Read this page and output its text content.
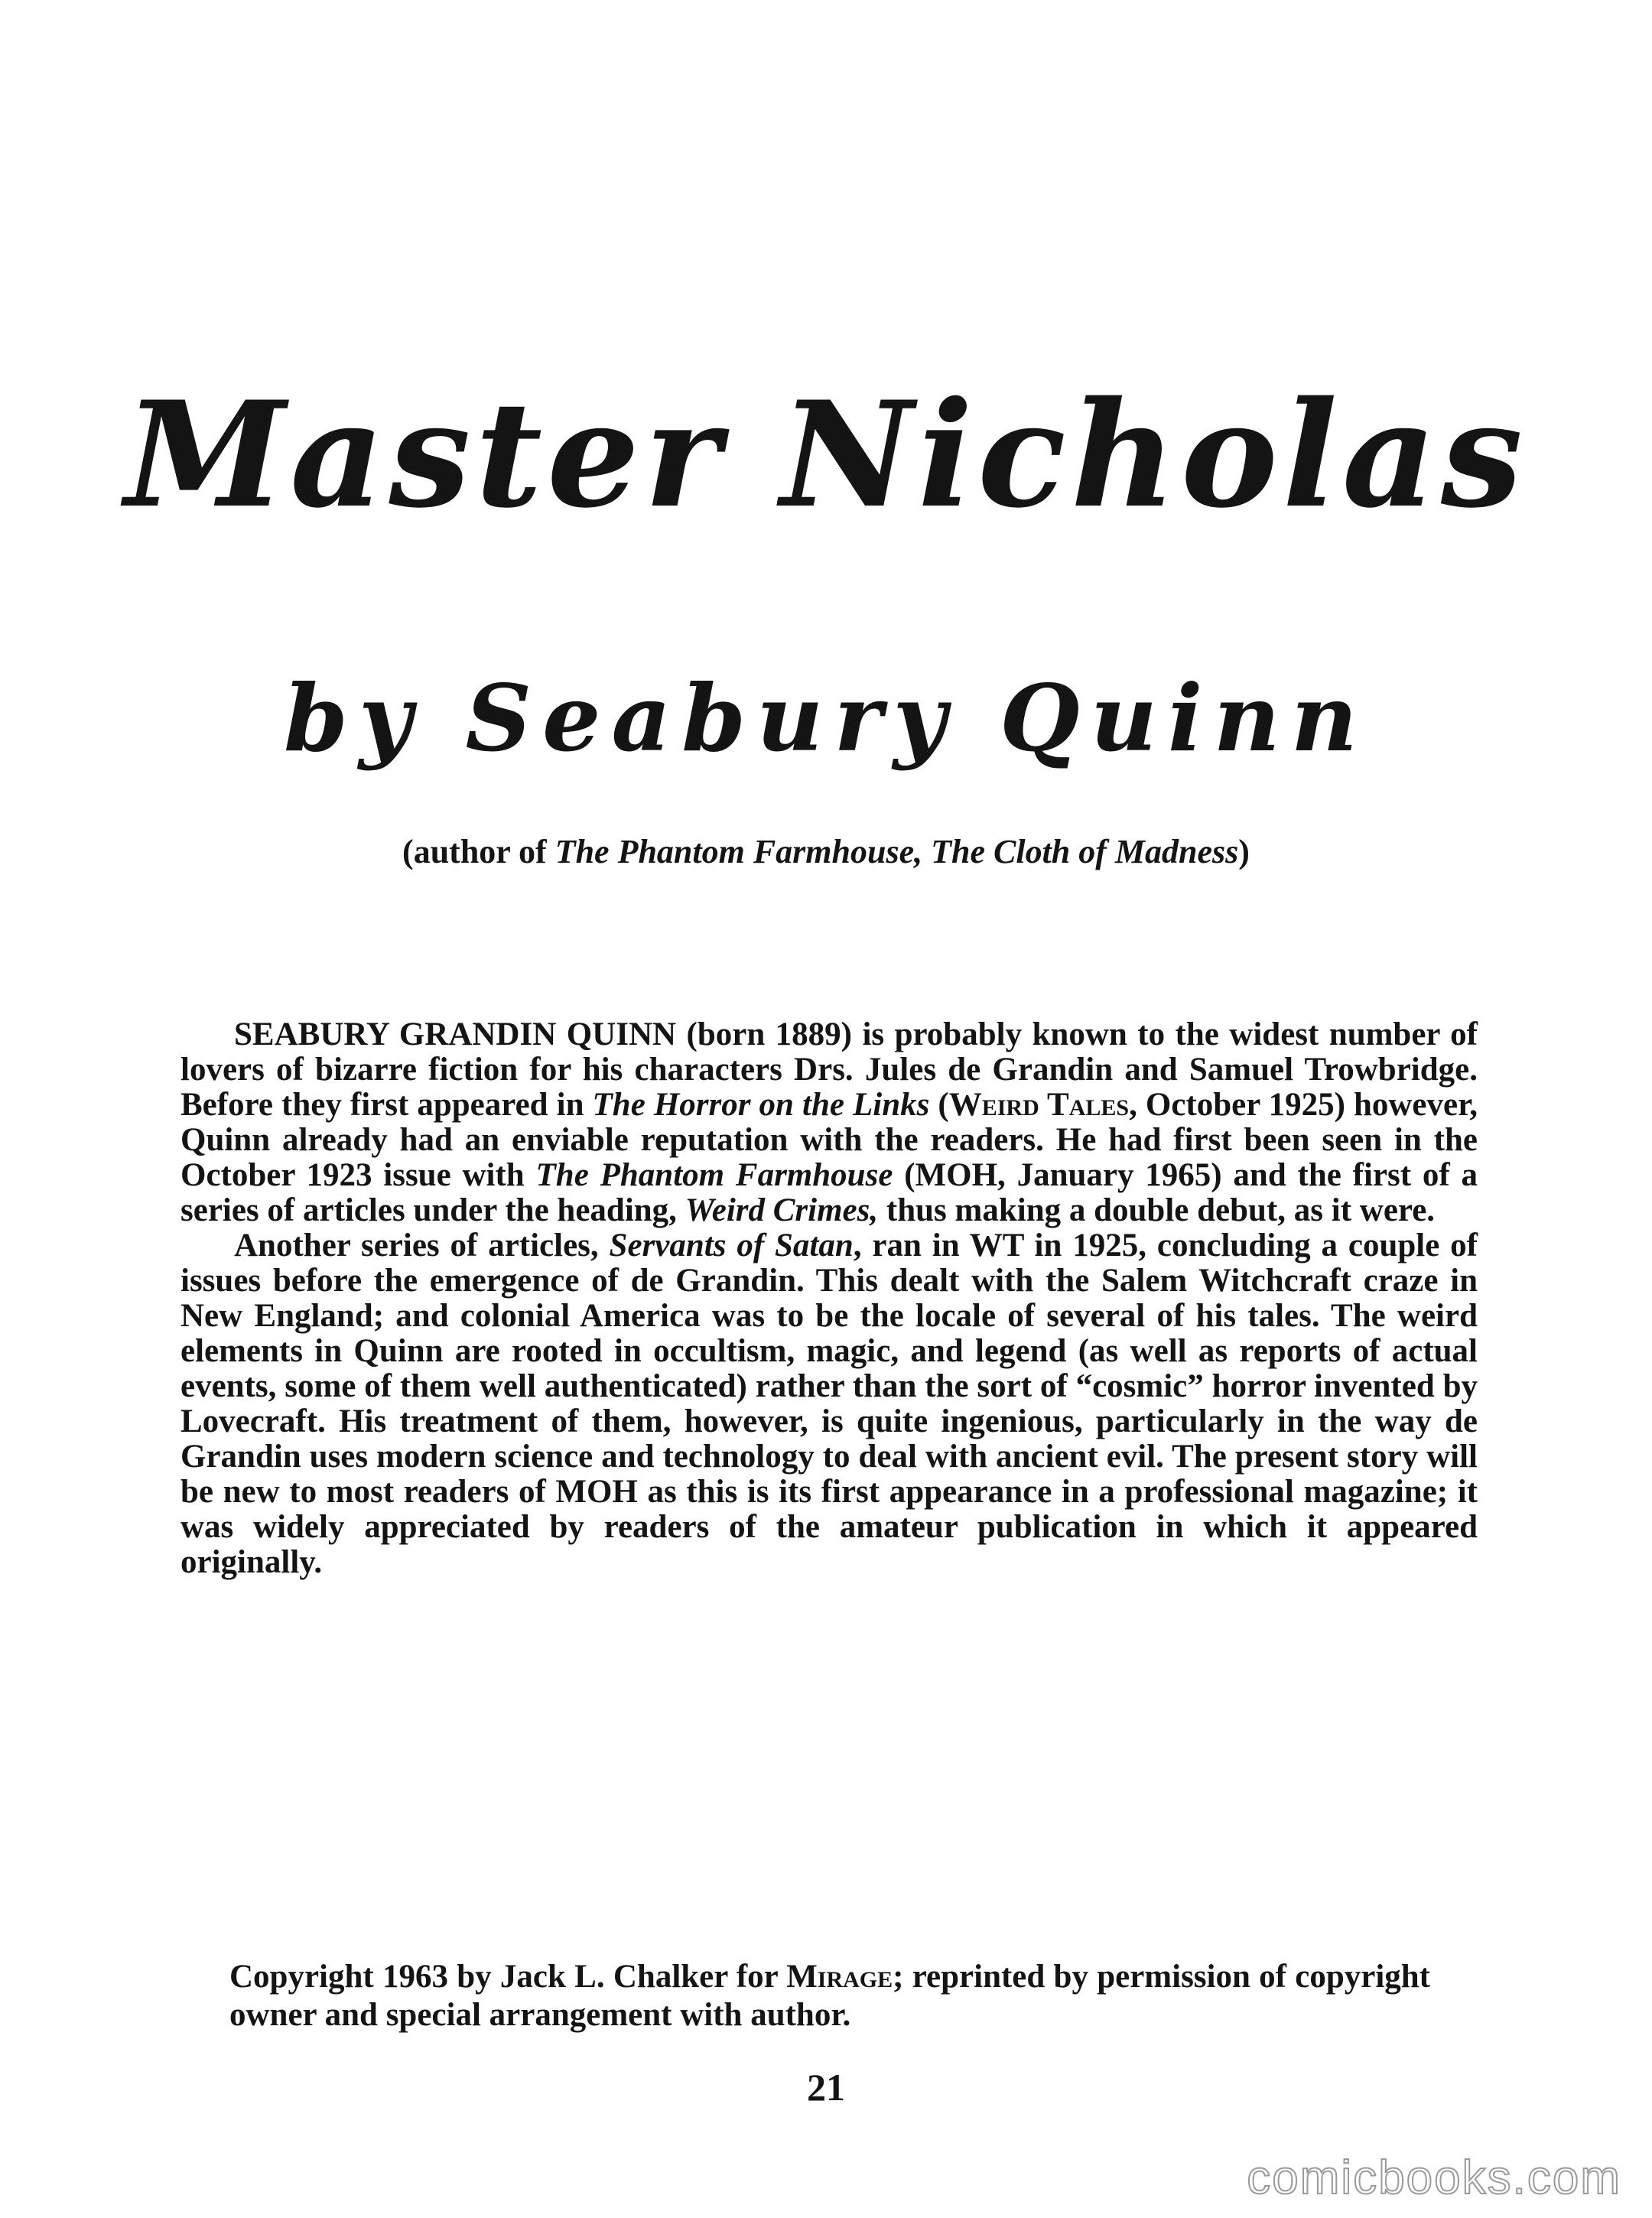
Master Nicholas
by Seabury Quinn
(author of The Phantom Farmhouse, The Cloth of Madness)

SEABURY GRANDIN QUINN (born 1889) is probably known to the widest number of lovers of bizarre fiction for his characters Drs. Jules de Grandin and Samuel Trowbridge. Before they first appeared in The Horror on the Links (Weird Tales, October 1925) however, Quinn already had an enviable reputation with the readers. He had first been seen in the October 1923 issue with The Phantom Farmhouse (MOH, January 1965) and the first of a series of articles under the heading, Weird Crimes, thus making a double debut, as it were.

Another series of articles, Servants of Satan, ran in WT in 1925, concluding a couple of issues before the emergence of de Grandin. This dealt with the Salem Witchcraft craze in New England; and colonial America was to be the locale of several of his tales. The weird elements in Quinn are rooted in occultism, magic, and legend (as well as reports of actual events, some of them well authenticated) rather than the sort of “cosmic” horror invented by Lovecraft. His treatment of them, however, is quite ingenious, particularly in the way de Grandin uses modern science and technology to deal with ancient evil. The present story will be new to most readers of MOH as this is its first appearance in a professional magazine; it was widely appreciated by readers of the amateur publication in which it appeared originally.

Copyright 1963 by Jack L. Chalker for Mirage; reprinted by permission of copyright owner and special arrangement with author.
21
comicbooks.com
